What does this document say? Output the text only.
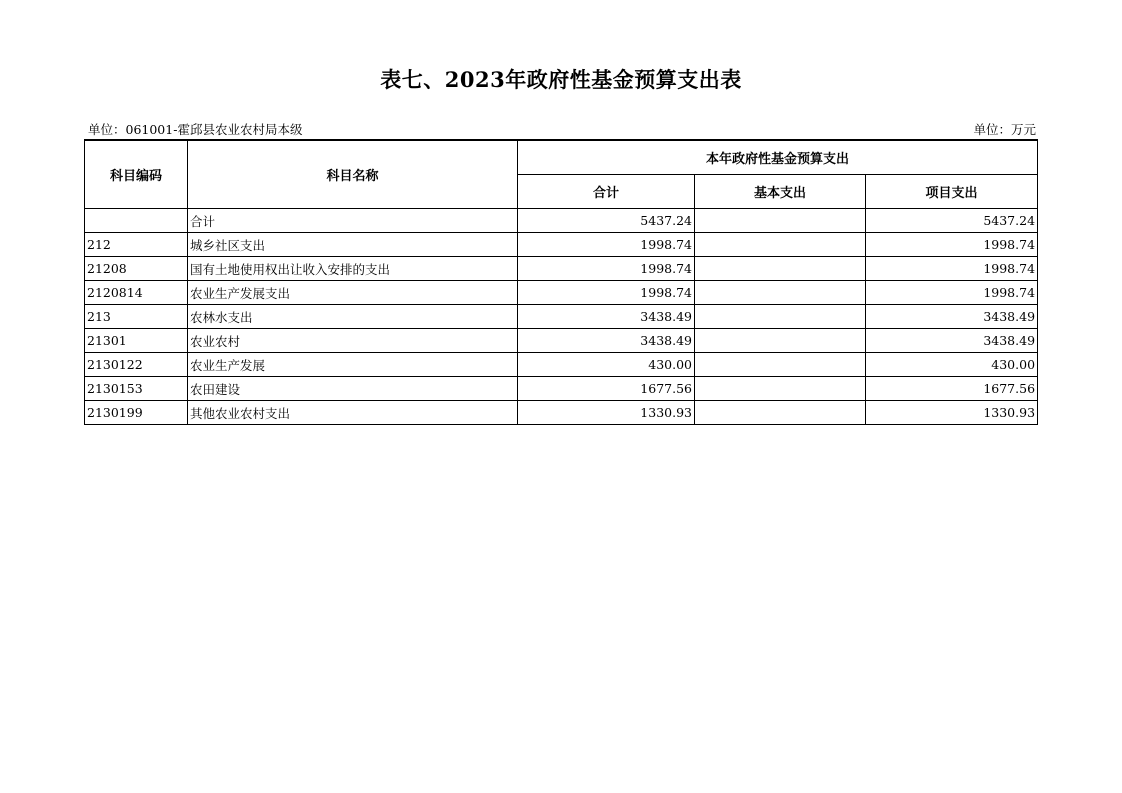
表七、2023年政府性基金预算支出表
单位：061001-霍邱县农业农村局本级	单位：万元
科目编码	科目名称	本年政府性基金预算支出		
		合计	基本支出	项目支出
	合计	5437.24		5437.24
212	城乡社区支出	1998.74		1998.74
21208	国有土地使用权出让收入安排的支出	1998.74		1998.74
2120814	农业生产发展支出	1998.74		1998.74
213	农林水支出	3438.49		3438.49
21301	农业农村	3438.49		3438.49
2130122	农业生产发展	430.00		430.00
2130153	农田建设	1677.56		1677.56
2130199	其他农业农村支出	1330.93		1330.93
